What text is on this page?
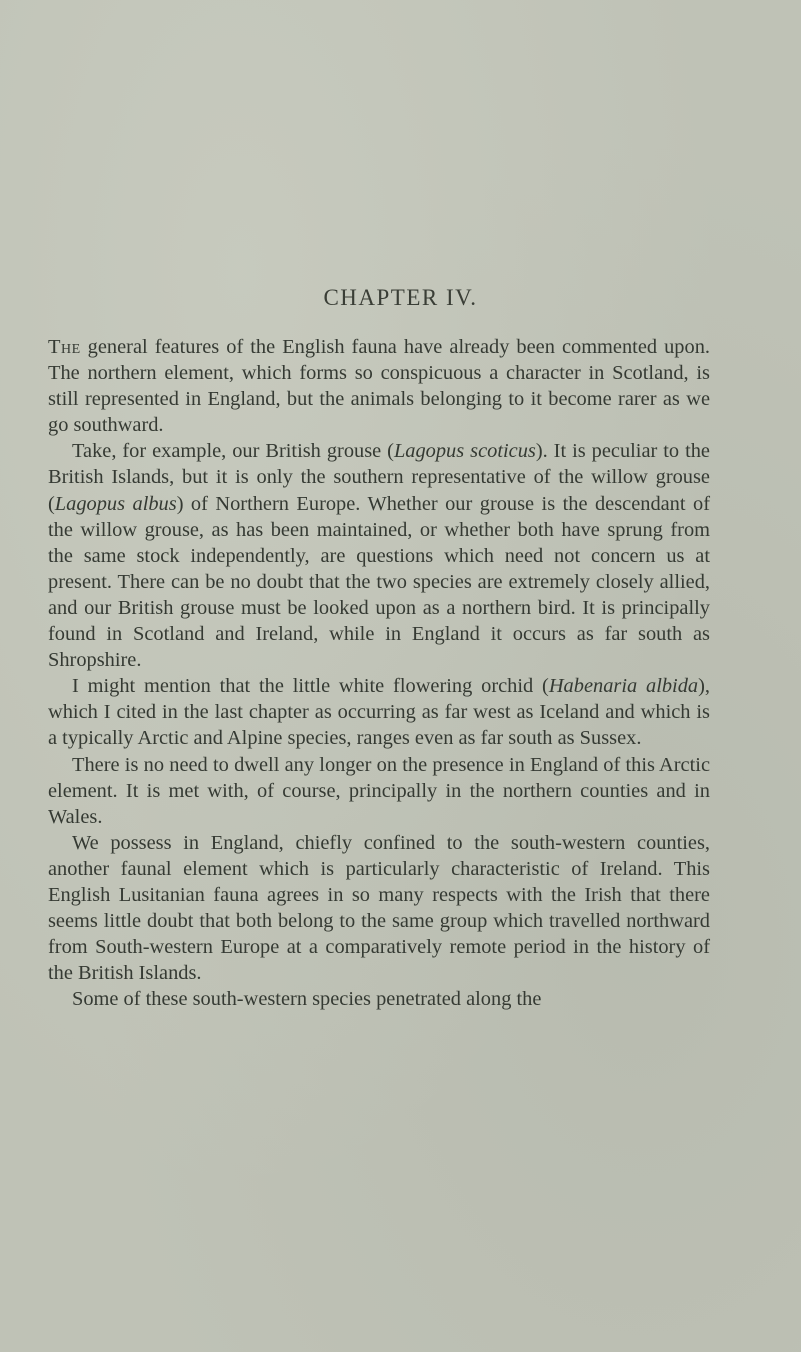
CHAPTER IV.

The general features of the English fauna have already been commented upon. The northern element, which forms so conspicuous a character in Scotland, is still represented in England, but the animals belonging to it become rarer as we go southward.

Take, for example, our British grouse (Lagopus scoticus). It is peculiar to the British Islands, but it is only the southern representative of the willow grouse (Lagopus albus) of Northern Europe. Whether our grouse is the descendant of the willow grouse, as has been maintained, or whether both have sprung from the same stock independently, are questions which need not concern us at present. There can be no doubt that the two species are extremely closely allied, and our British grouse must be looked upon as a northern bird. It is principally found in Scotland and Ireland, while in England it occurs as far south as Shropshire.

I might mention that the little white flowering orchid (Habenaria albida), which I cited in the last chapter as occurring as far west as Iceland and which is a typically Arctic and Alpine species, ranges even as far south as Sussex.

There is no need to dwell any longer on the presence in England of this Arctic element. It is met with, of course, principally in the northern counties and in Wales.

We possess in England, chiefly confined to the south-western counties, another faunal element which is particularly characteristic of Ireland. This English Lusitanian fauna agrees in so many respects with the Irish that there seems little doubt that both belong to the same group which travelled northward from South-western Europe at a comparatively remote period in the history of the British Islands.

Some of these south-western species penetrated along the
